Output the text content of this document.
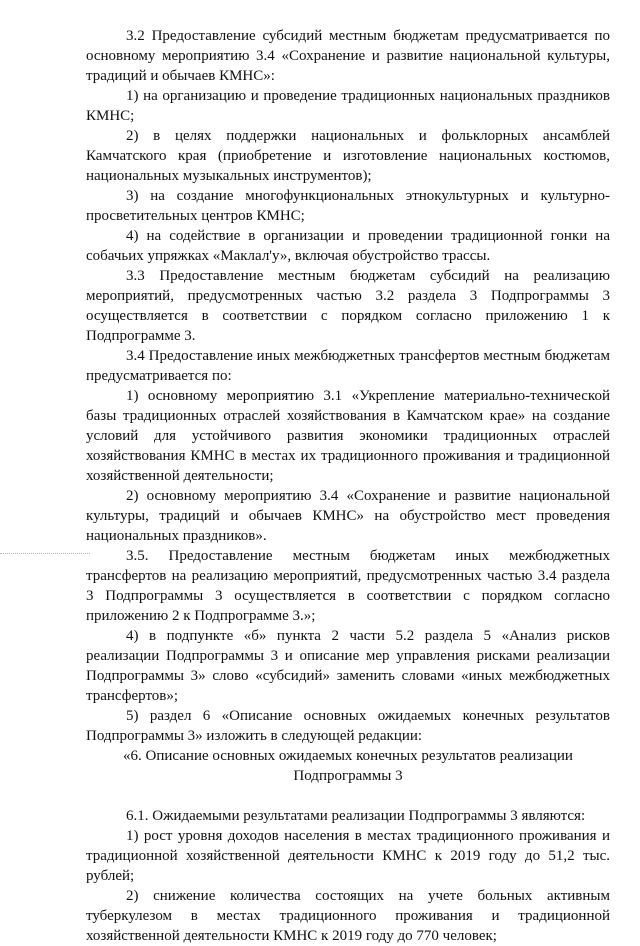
3.2 Предоставление субсидий местным бюджетам предусматривается по основному мероприятию 3.4 «Сохранение и развитие национальной культуры, традиций и обычаев КМНС»:

1) на организацию и проведение традиционных национальных праздников КМНС;

2) в целях поддержки национальных и фольклорных ансамблей Камчатского края (приобретение и изготовление национальных костюмов, национальных музыкальных инструментов);

3) на создание многофункциональных этнокультурных и культурно-просветительных центров КМНС;

4) на содействие в организации и проведении традиционной гонки на собачьих упряжках «Маклал'у», включая обустройство трассы.

3.3 Предоставление местным бюджетам субсидий на реализацию мероприятий, предусмотренных частью 3.2 раздела 3 Подпрограммы 3 осуществляется в соответствии с порядком согласно приложению 1 к Подпрограмме 3.

3.4 Предоставление иных межбюджетных трансфертов местным бюджетам предусматривается по:

1) основному мероприятию 3.1 «Укрепление материально-технической базы традиционных отраслей хозяйствования в Камчатском крае» на создание условий для устойчивого развития экономики традиционных отраслей хозяйствования КМНС в местах их традиционного проживания и традиционной хозяйственной деятельности;

2) основному мероприятию 3.4 «Сохранение и развитие национальной культуры, традиций и обычаев КМНС» на обустройство мест проведения национальных праздников».

3.5. Предоставление местным бюджетам иных межбюджетных трансфертов на реализацию мероприятий, предусмотренных частью 3.4 раздела 3 Подпрограммы 3 осуществляется в соответствии с порядком согласно приложению 2 к Подпрограмме 3.»;

4) в подпункте «б» пункта 2 части 5.2 раздела 5 «Анализ рисков реализации Подпрограммы 3 и описание мер управления рисками реализации Подпрограммы 3» слово «субсидий» заменить словами «иных межбюджетных трансфертов»;

5) раздел 6 «Описание основных ожидаемых конечных результатов Подпрограммы 3» изложить в следующей редакции:

«6. Описание основных ожидаемых конечных результатов реализации Подпрограммы 3

6.1. Ожидаемыми результатами реализации Подпрограммы 3 являются:

1) рост уровня доходов населения в местах традиционного проживания и традиционной хозяйственной деятельности КМНС к 2019 году до 51,2 тыс. рублей;

2) снижение количества состоящих на учете больных активным туберкулезом в местах традиционного проживания и традиционной хозяйственной деятельности КМНС к 2019 году до 770 человек;
